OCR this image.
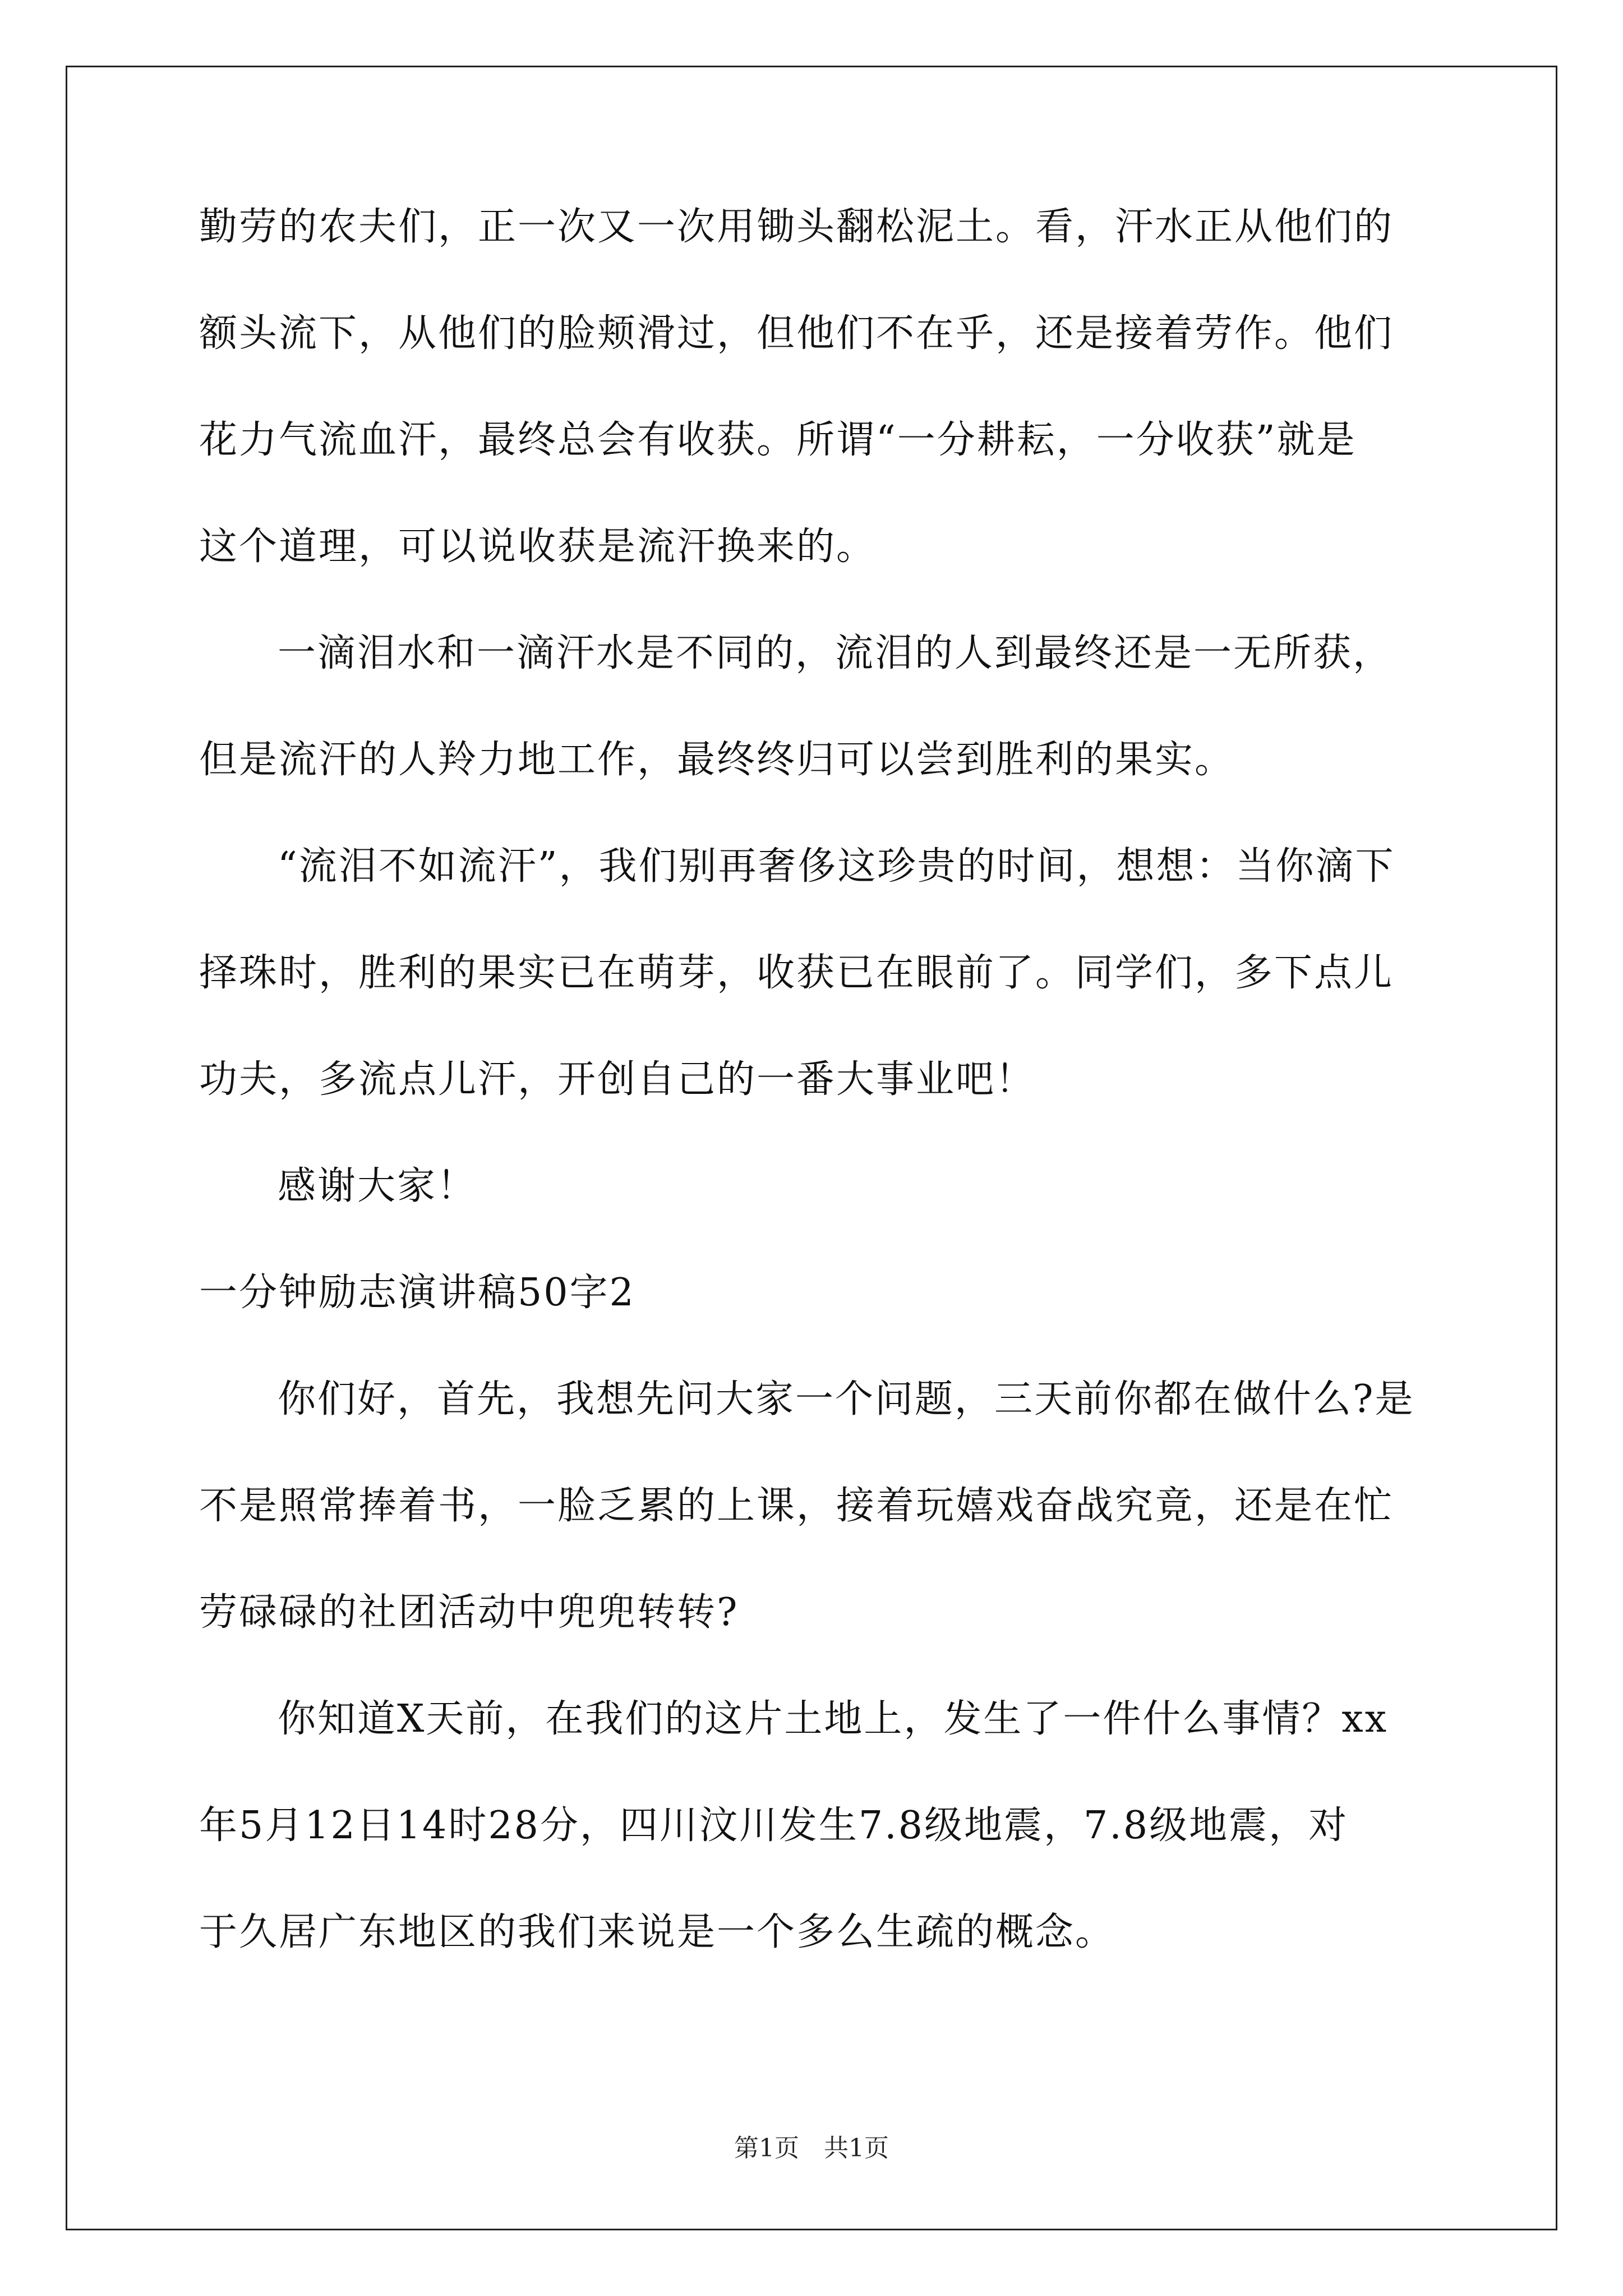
勤劳的农夫们，正一次又一次用锄头翻松泥土。看，汗水正从他们的
额头流下，从他们的脸颊滑过，但他们不在乎，还是接着劳作。他们
花力气流血汗，最终总会有收获。所谓“一分耕耘，一分收获”就是
这个道理，可以说收获是流汗换来的。
一滴泪水和一滴汗水是不同的，流泪的人到最终还是一无所获，
但是流汗的人羚力地工作，最终终归可以尝到胜利的果实。
“流泪不如流汗”，我们别再奢侈这珍贵的时间，想想：当你滴下
择珠时，胜利的果实已在萌芽，收获已在眼前了。同学们，多下点儿
功夫，多流点儿汗，开创自己的一番大事业吧！
感谢大家！
一分钟励志演讲稿50字2
你们好，首先，我想先问大家一个问题，三天前你都在做什么?是
不是照常捧着书，一脸乏累的上课，接着玩嬉戏奋战究竟，还是在忙
劳碌碌的社团活动中兜兜转转?
你知道X天前，在我们的这片土地上，发生了一件什么事情？xx
年5月12日14时28分，四川汶川发生7.8级地震，7.8级地震，对
于久居广东地区的我们来说是一个多么生疏的概念。
第1页　共1页
